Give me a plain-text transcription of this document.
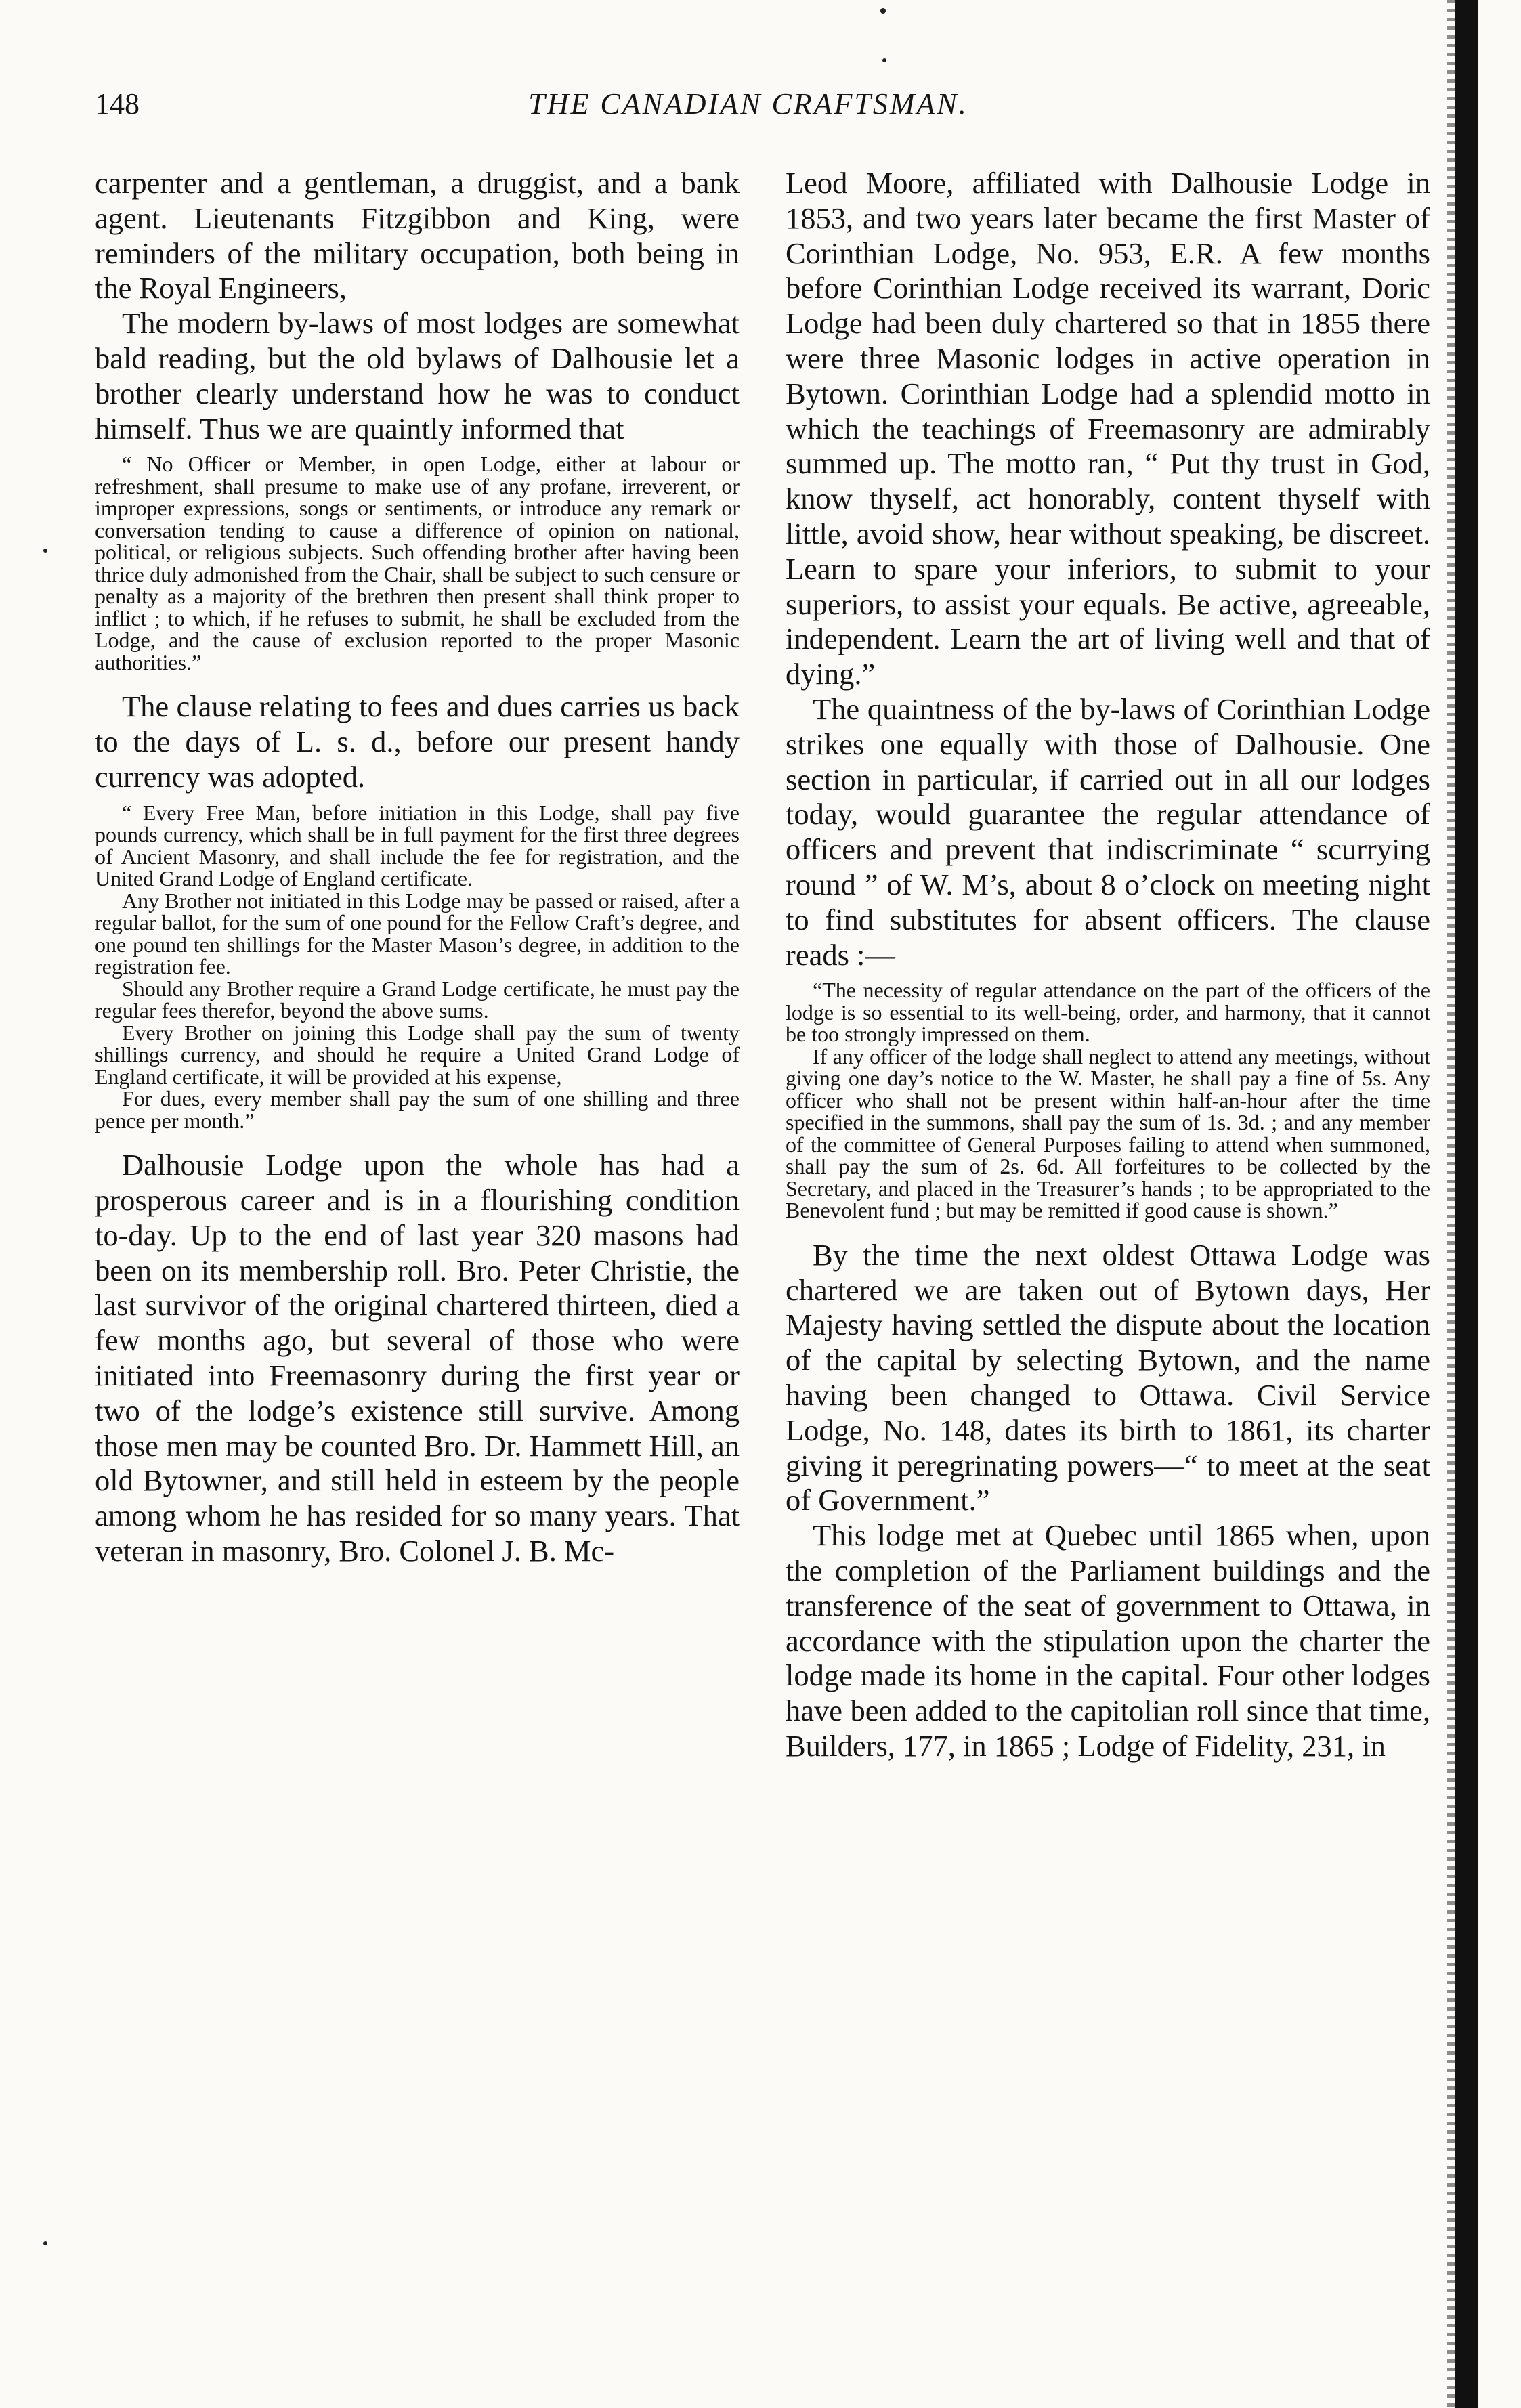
148	THE CANADIAN CRAFTSMAN.

carpenter and a gentleman, a druggist, and a bank agent. Lieutenants Fitzgibbon and King, were reminders of the military occupation, both being in the Royal Engineers,

The modern by-laws of most lodges are somewhat bald reading, but the old bylaws of Dalhousie let a brother clearly understand how he was to conduct himself. Thus we are quaintly informed that

“ No Officer or Member, in open Lodge, either at labour or refreshment, shall presume to make use of any profane, irreverent, or improper expressions, songs or sentiments, or introduce any remark or conversation tending to cause a difference of opinion on national, political, or religious subjects. Such offending brother after having been thrice duly admonished from the Chair, shall be subject to such censure or penalty as a majority of the brethren then present shall think proper to inflict ; to which, if he refuses to submit, he shall be excluded from the Lodge, and the cause of exclusion reported to the proper Masonic authorities.”

The clause relating to fees and dues carries us back to the days of L. s. d., before our present handy currency was adopted.

“ Every Free Man, before initiation in this Lodge, shall pay five pounds currency, which shall be in full payment for the first three degrees of Ancient Masonry, and shall include the fee for registration, and the United Grand Lodge of England certificate.

Any Brother not initiated in this Lodge may be passed or raised, after a regular ballot, for the sum of one pound for the Fellow Craft’s degree, and one pound ten shillings for the Master Mason’s degree, in addition to the registration fee.

Should any Brother require a Grand Lodge certificate, he must pay the regular fees therefor, beyond the above sums.

Every Brother on joining this Lodge shall pay the sum of twenty shillings currency, and should he require a United Grand Lodge of England certificate, it will be provided at his expense,

For dues, every member shall pay the sum of one shilling and three pence per month.”

Dalhousie Lodge upon the whole has had a prosperous career and is in a flourishing condition to-day. Up to the end of last year 320 masons had been on its membership roll. Bro. Peter Christie, the last survivor of the original chartered thirteen, died a few months ago, but several of those who were initiated into Freemasonry during the first year or two of the lodge’s existence still survive. Among those men may be counted Bro. Dr. Hammett Hill, an old Bytowner, and still held in esteem by the people among whom he has resided for so many years. That veteran in masonry, Bro. Colonel J. B. Mc-

Leod Moore, affiliated with Dalhousie Lodge in 1853, and two years later became the first Master of Corinthian Lodge, No. 953, E.R. A few months before Corinthian Lodge received its warrant, Doric Lodge had been duly chartered so that in 1855 there were three Masonic lodges in active operation in Bytown. Corinthian Lodge had a splendid motto in which the teachings of Freemasonry are admirably summed up. The motto ran, “ Put thy trust in God, know thyself, act honorably, content thyself with little, avoid show, hear without speaking, be discreet. Learn to spare your inferiors, to submit to your superiors, to assist your equals. Be active, agreeable, independent. Learn the art of living well and that of dying.”

The quaintness of the by-laws of Corinthian Lodge strikes one equally with those of Dalhousie. One section in particular, if carried out in all our lodges today, would guarantee the regular attendance of officers and prevent that indiscriminate “ scurrying round ” of W. M’s, about 8 o’clock on meeting night to find substitutes for absent officers. The clause reads :—

“The necessity of regular attendance on the part of the officers of the lodge is so essential to its well-being, order, and harmony, that it cannot be too strongly impressed on them.

If any officer of the lodge shall neglect to attend any meetings, without giving one day’s notice to the W. Master, he shall pay a fine of 5s. Any officer who shall not be present within half-an-hour after the time specified in the summons, shall pay the sum of 1s. 3d. ; and any member of the committee of General Purposes failing to attend when summoned, shall pay the sum of 2s. 6d. All forfeitures to be collected by the Secretary, and placed in the Treasurer’s hands ; to be appropriated to the Benevolent fund ; but may be remitted if good cause is shown.”

By the time the next oldest Ottawa Lodge was chartered we are taken out of Bytown days, Her Majesty having settled the dispute about the location of the capital by selecting Bytown, and the name having been changed to Ottawa. Civil Service Lodge, No. 148, dates its birth to 1861, its charter giving it peregrinating powers—“ to meet at the seat of Government.”

This lodge met at Quebec until 1865 when, upon the completion of the Parliament buildings and the transference of the seat of government to Ottawa, in accordance with the stipulation upon the charter the lodge made its home in the capital. Four other lodges have been added to the capitolian roll since that time, Builders, 177, in 1865 ; Lodge of Fidelity, 231, in
